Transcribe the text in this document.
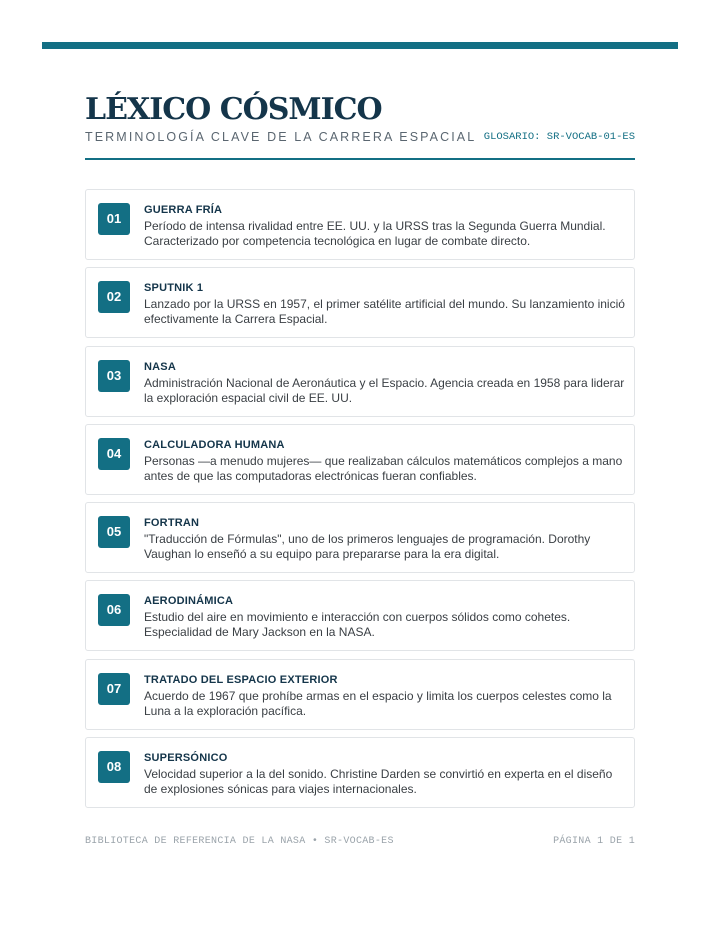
LÉXICO CÓSMICO
TERMINOLOGÍA CLAVE DE LA CARRERA ESPACIAL GLOSARIO: SR-VOCAB-01-ES
01
GUERRA FRÍA
Período de intensa rivalidad entre EE. UU. y la URSS tras la Segunda Guerra Mundial. Caracterizado por competencia tecnológica en lugar de combate directo.
02
SPUTNIK 1
Lanzado por la URSS en 1957, el primer satélite artificial del mundo. Su lanzamiento inició efectivamente la Carrera Espacial.
03
NASA
Administración Nacional de Aeronáutica y el Espacio. Agencia creada en 1958 para liderar la exploración espacial civil de EE. UU.
04
CALCULADORA HUMANA
Personas —a menudo mujeres— que realizaban cálculos matemáticos complejos a mano antes de que las computadoras electrónicas fueran confiables.
05
FORTRAN
"Traducción de Fórmulas", uno de los primeros lenguajes de programación. Dorothy Vaughan lo enseñó a su equipo para prepararse para la era digital.
06
AERODINÁMICA
Estudio del aire en movimiento e interacción con cuerpos sólidos como cohetes. Especialidad de Mary Jackson en la NASA.
07
TRATADO DEL ESPACIO EXTERIOR
Acuerdo de 1967 que prohíbe armas en el espacio y limita los cuerpos celestes como la Luna a la exploración pacífica.
08
SUPERSÓNICO
Velocidad superior a la del sonido. Christine Darden se convirtió en experta en el diseño de explosiones sónicas para viajes internacionales.
BIBLIOTECA DE REFERENCIA DE LA NASA • SR-VOCAB-ES	PÁGINA 1 DE 1
